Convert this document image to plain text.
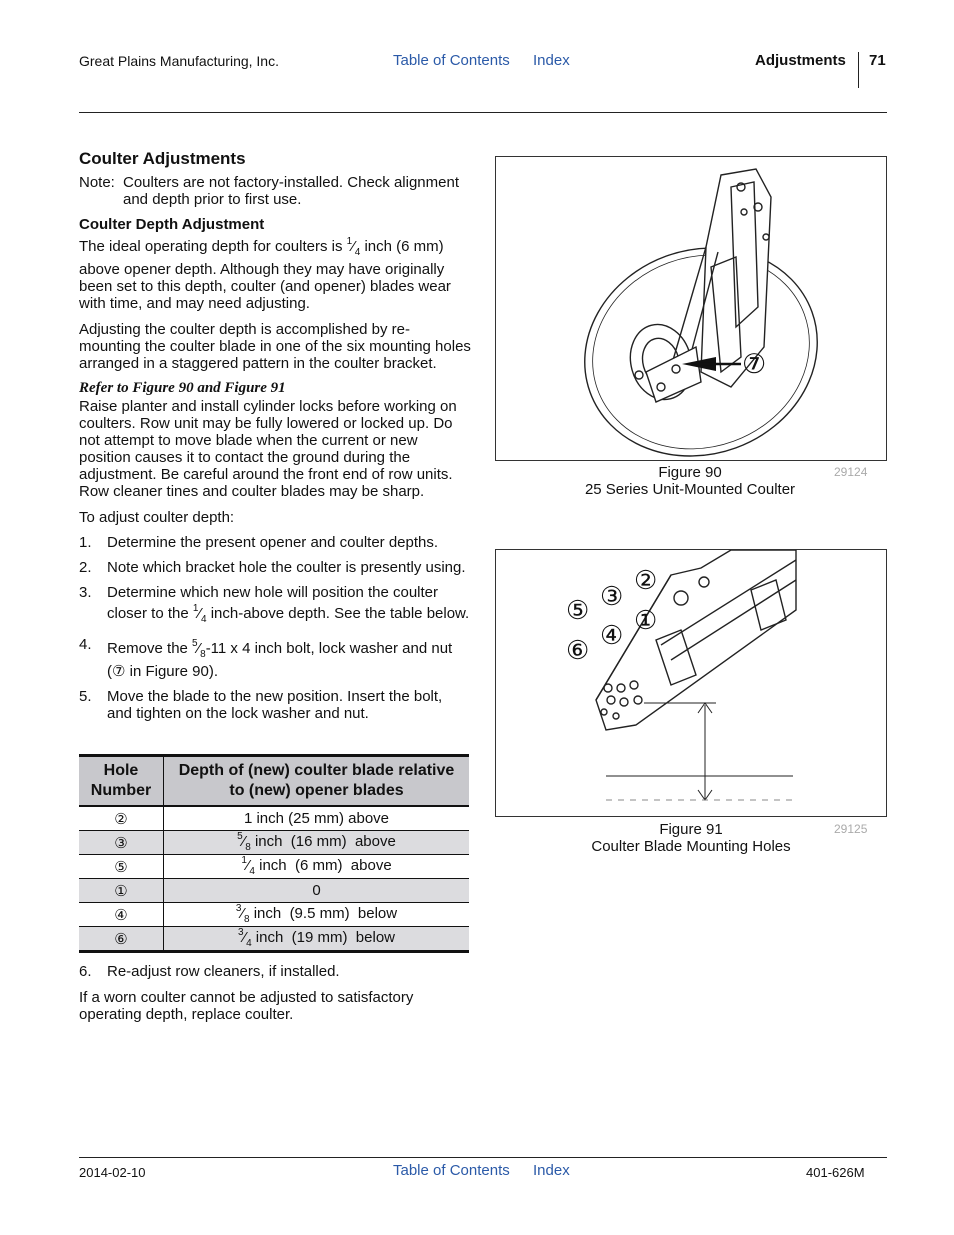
Great Plains Manufacturing, Inc.	Table of Contents Index	Adjustments 71
Coulter Adjustments
Note: Coulters are not factory-installed. Check alignment and depth prior to first use.
Coulter Depth Adjustment

The ideal operating depth for coulters is $^1⁄_4$ inch (6 mm) above opener depth. Although they may have originally been set to this depth, coulter (and opener) blades wear with time, and may need adjusting.

Adjusting the coulter depth is accomplished by re-mounting the coulter blade in one of the six mounting holes arranged in a staggered pattern in the coulter bracket.

Refer to Figure 90 and Figure 91

Raise planter and install cylinder locks before working on coulters. Row unit may be fully lowered or locked up. Do not attempt to move blade when the current or new position causes it to contact the ground during the adjustment. Be careful around the front end of row units. Row cleaner tines and coulter blades may be sharp.

To adjust coulter depth:

1. Determine the present opener and coulter depths.
2. Note which bracket hole the coulter is presently using.
3. Determine which new hole will position the coulter closer to the $^1⁄_4$ inch-above depth. See the table below.
4. Remove the $^5⁄_8-11$ x 4 inch bolt, lock washer and nut (⑦ in Figure 90).
5. Move the blade to the new position. Insert the bolt, and tighten on the lock washer and nut.
Hole Number	Depth of (new) coulter blade relative to (new) opener blades
②	1 inch (25 mm) above
③	$^5⁄_8$ inch  (16 mm)  above
⑤	$^1⁄_4$ inch  (6 mm)  above
①	0
④	$^3⁄_8$ inch  (9.5 mm)  below
⑥	$^3⁄_4$ inch  (19 mm)  below
6. Re-adjust row cleaners, if installed.

If a worn coulter cannot be adjusted to satisfactory operating depth, replace coulter.

⑦
Figure 90
25 Series Unit-Mounted Coulter
29124
②
③
⑤ ①
④
⑥
Figure 91
Coulter Blade Mounting Holes
29125
2014-02-10	Table of Contents Index	401-626M
